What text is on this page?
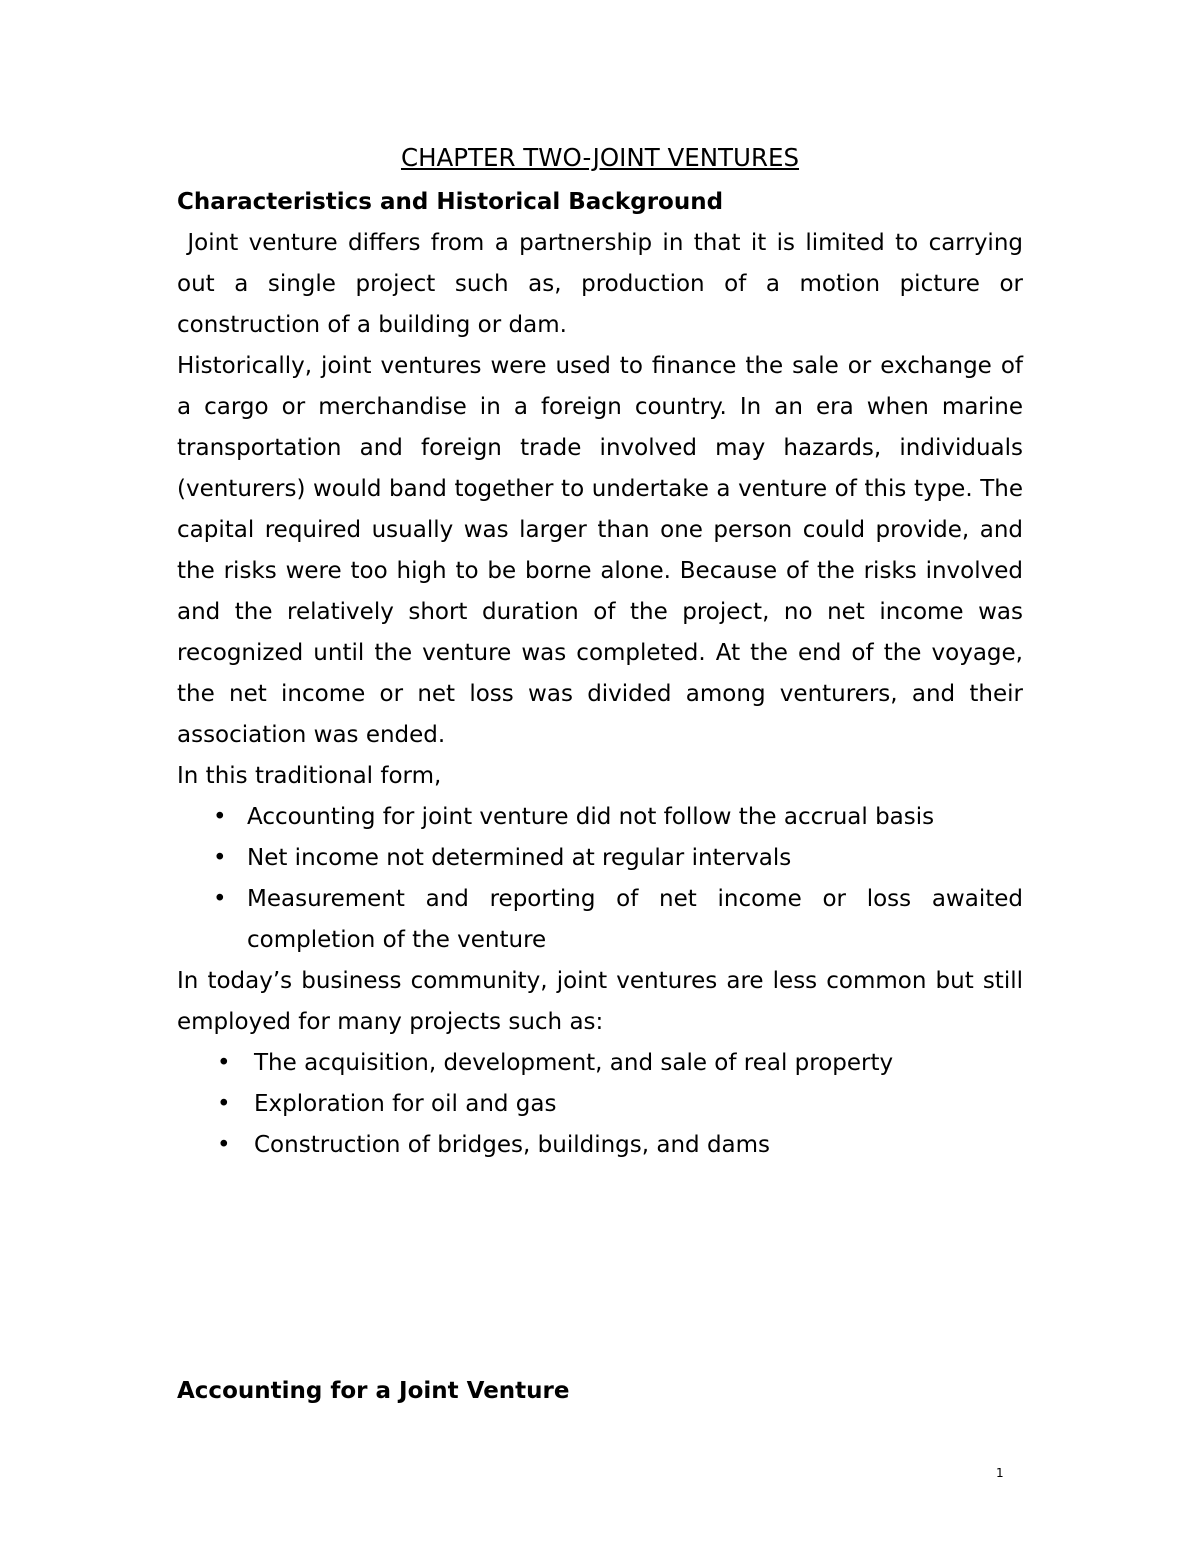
CHAPTER TWO-JOINT VENTURES

Characteristics and Historical Background

Joint venture differs from a partnership in that it is limited to carrying out a single project such as, production of a motion picture or construction of a building or dam.

Historically, joint ventures were used to finance the sale or exchange of a cargo or merchandise in a foreign country. In an era when marine transportation and foreign trade involved may hazards, individuals (venturers) would band together to undertake a venture of this type. The capital required usually was larger than one person could provide, and the risks were too high to be borne alone. Because of the risks involved and the relatively short duration of the project, no net income was recognized until the venture was completed. At the end of the voyage, the net income or net loss was divided among venturers, and their association was ended.

In this traditional form,

• Accounting for joint venture did not follow the accrual basis
• Net income not determined at regular intervals
• Measurement and reporting of net income or loss awaited completion of the venture

In today’s business community, joint ventures are less common but still employed for many projects such as:

• The acquisition, development, and sale of real property
• Exploration for oil and gas
• Construction of bridges, buildings, and dams

Accounting for a Joint Venture

1
